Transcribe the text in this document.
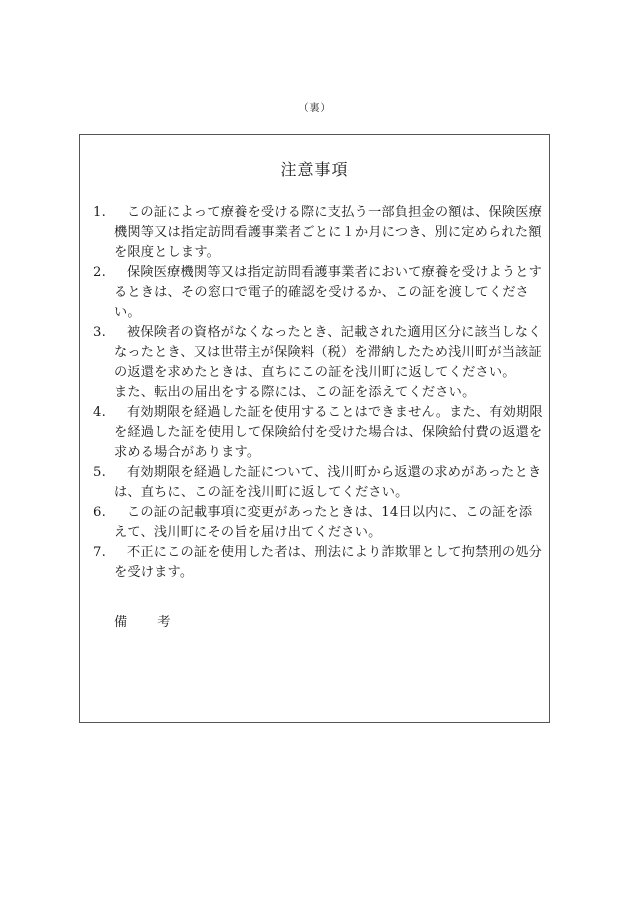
（裏）
注意事項
1. この証によって療養を受ける際に支払う一部負担金の額は、保険医療機関等又は指定訪問看護事業者ごとに１か月につき、別に定められた額を限度とします。
2. 保険医療機関等又は指定訪問看護事業者において療養を受けようとするときは、その窓口で電子的確認を受けるか、この証を渡してください。
3. 被保険者の資格がなくなったとき、記載された適用区分に該当しなくなったとき、又は世帯主が保険料（税）を滞納したため浅川町が当該証の返還を求めたときは、直ちにこの証を浅川町に返してください。
また、転出の届出をする際には、この証を添えてください。
4. 有効期限を経過した証を使用することはできません。また、有効期限を経過した証を使用して保険給付を受けた場合は、保険給付費の返還を求める場合があります。
5. 有効期限を経過した証について、浅川町から返還の求めがあったときは、直ちに、この証を浅川町に返してください。
6. この証の記載事項に変更があったときは、14日以内に、この証を添えて、浅川町にその旨を届け出てください。
7. 不正にこの証を使用した者は、刑法により詐欺罪として拘禁刑の処分を受けます。
備 考
